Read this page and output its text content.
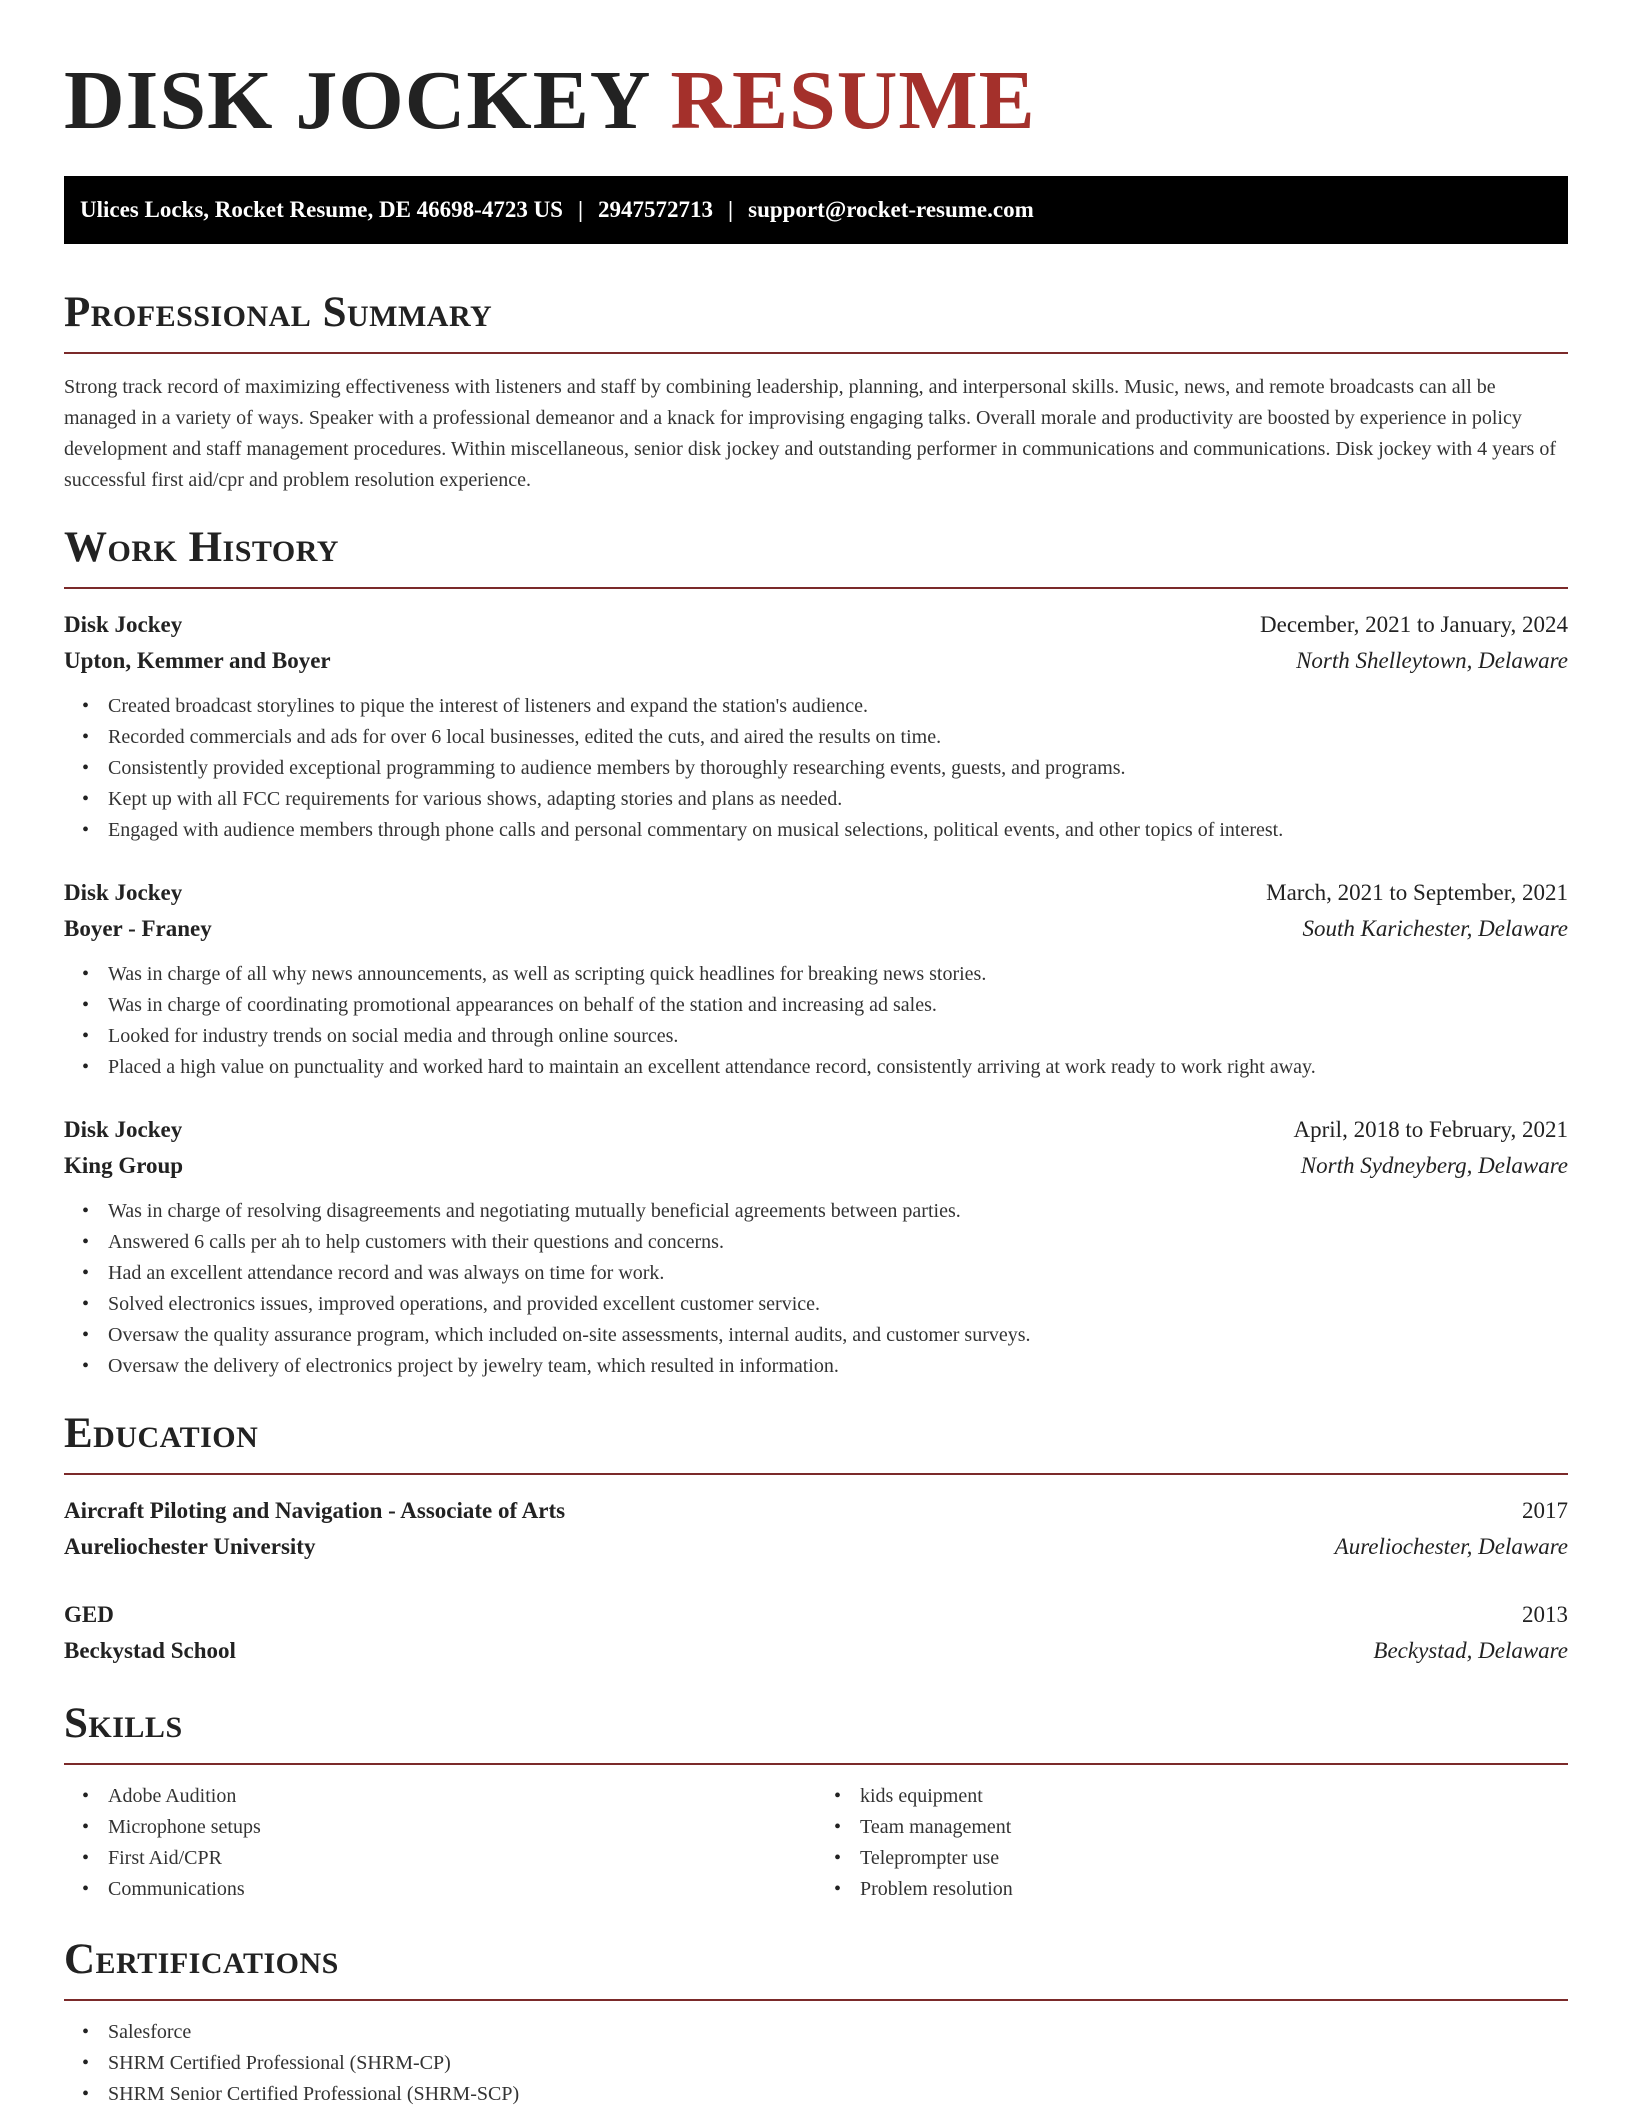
DISK JOCKEY RESUME
Ulices Locks, Rocket Resume, DE 46698-4723 US | 2947572713 | support@rocket-resume.com
Professional Summary

Strong track record of maximizing effectiveness with listeners and staff by combining leadership, planning, and interpersonal skills. Music, news, and remote broadcasts can all be managed in a variety of ways. Speaker with a professional demeanor and a knack for improvising engaging talks. Overall morale and productivity are boosted by experience in policy development and staff management procedures. Within miscellaneous, senior disk jockey and outstanding performer in communications and communications. Disk jockey with 4 years of successful first aid/cpr and problem resolution experience.

Work History
Disk Jockey	December, 2021 to January, 2024
Upton, Kemmer and Boyer	North Shelleytown, Delaware
• Created broadcast storylines to pique the interest of listeners and expand the station's audience.
• Recorded commercials and ads for over 6 local businesses, edited the cuts, and aired the results on time.
• Consistently provided exceptional programming to audience members by thoroughly researching events, guests, and programs.
• Kept up with all FCC requirements for various shows, adapting stories and plans as needed.
• Engaged with audience members through phone calls and personal commentary on musical selections, political events, and other topics of interest.
Disk Jockey	March, 2021 to September, 2021
Boyer - Franey	South Karichester, Delaware
• Was in charge of all why news announcements, as well as scripting quick headlines for breaking news stories.
• Was in charge of coordinating promotional appearances on behalf of the station and increasing ad sales.
• Looked for industry trends on social media and through online sources.
• Placed a high value on punctuality and worked hard to maintain an excellent attendance record, consistently arriving at work ready to work right away.
Disk Jockey	April, 2018 to February, 2021
King Group	North Sydneyberg, Delaware
• Was in charge of resolving disagreements and negotiating mutually beneficial agreements between parties.
• Answered 6 calls per ah to help customers with their questions and concerns.
• Had an excellent attendance record and was always on time for work.
• Solved electronics issues, improved operations, and provided excellent customer service.
• Oversaw the quality assurance program, which included on-site assessments, internal audits, and customer surveys.
• Oversaw the delivery of electronics project by jewelry team, which resulted in information.
Education
Aircraft Piloting and Navigation - Associate of Arts	2017
Aureliochester University	Aureliochester, Delaware
GED	2013
Beckystad School	Beckystad, Delaware
Skills
• Adobe Audition
• Microphone setups
• First Aid/CPR
• Communications
• kids equipment
• Team management
• Teleprompter use
• Problem resolution
Certifications
• Salesforce
• SHRM Certified Professional (SHRM-CP)
• SHRM Senior Certified Professional (SHRM-SCP)
